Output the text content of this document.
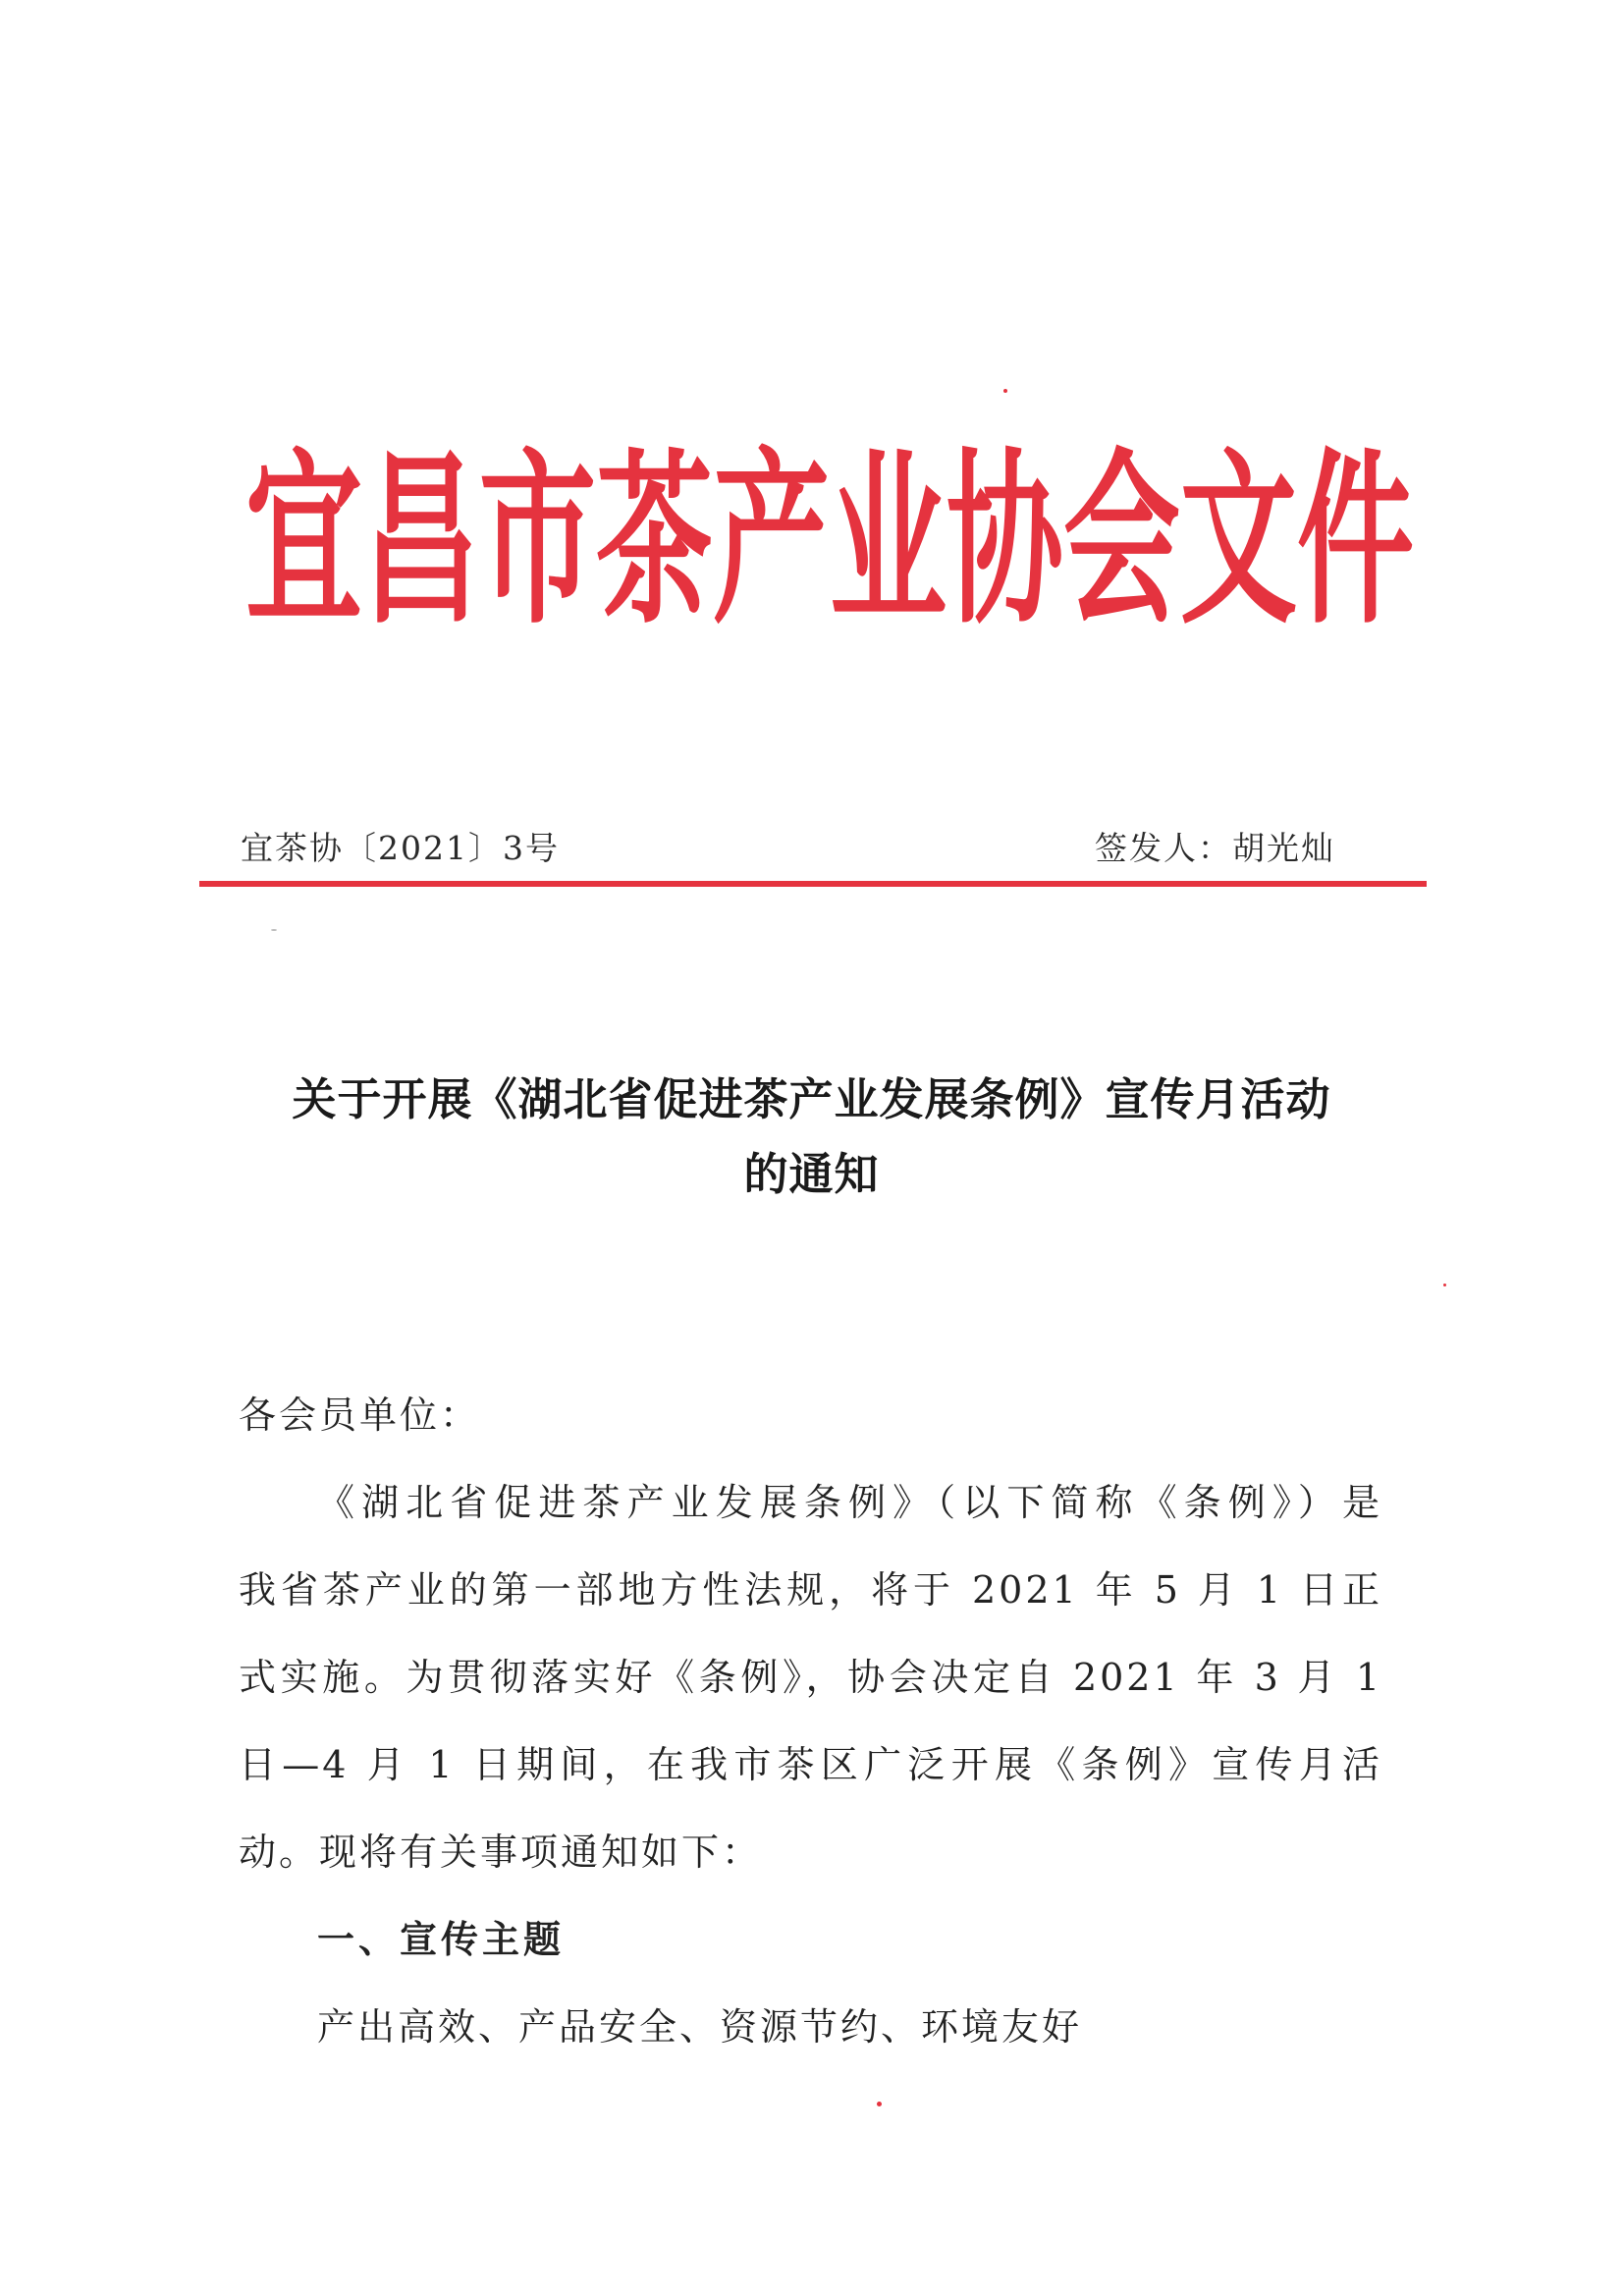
宜昌市茶产业协会文件
宜茶协〔2021〕3号	签发人：胡光灿
关于开展《湖北省促进茶产业发展条例》宣传月活动
的通知
各会员单位：
《湖北省促进茶产业发展条例》（以下简称《条例》）是
我省茶产业的第一部地方性法规，将于 2021 年 5 月 1 日正
式实施。为贯彻落实好《条例》，协会决定自 2021 年 3 月 1
日—4 月 1 日期间，在我市茶区广泛开展《条例》宣传月活
动。现将有关事项通知如下：
一、宣传主题
产出高效、产品安全、资源节约、环境友好
